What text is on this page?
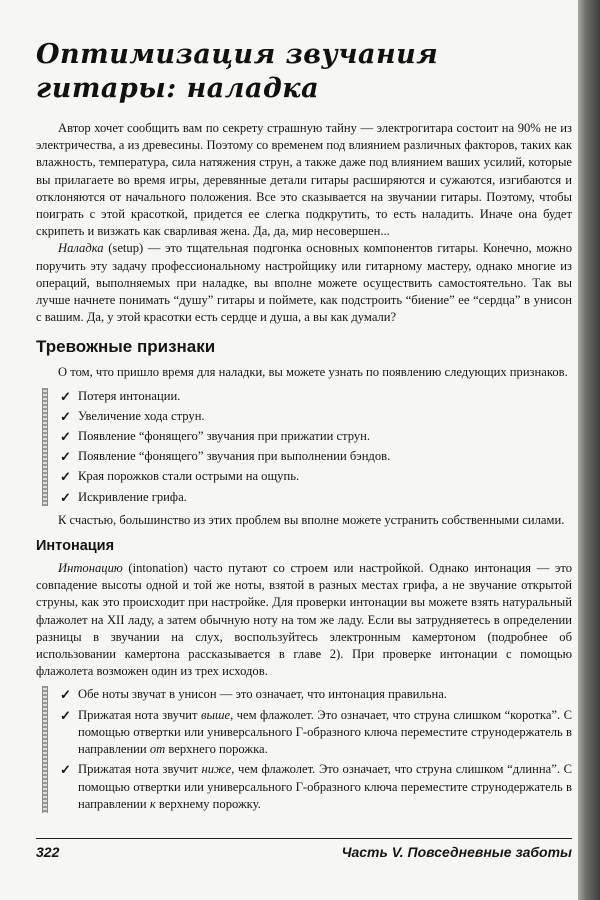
Оптимизация звучания гитары: наладка

Автор хочет сообщить вам по секрету страшную тайну — электрогитара состоит на 90% не из электричества, а из древесины. Поэтому со временем под влиянием различных факторов, таких как влажность, температура, сила натяжения струн, а также даже под влиянием ваших усилий, которые вы прилагаете во время игры, деревянные детали гитары расширяются и сужаются, изгибаются и отклоняются от начального положения. Все это сказывается на звучании гитары. Поэтому, чтобы поиграть с этой красоткой, придется ее слегка подкрутить, то есть наладить. Иначе она будет скрипеть и визжать как сварливая жена. Да, да, мир несовершен...

Наладка (setup) — это тщательная подгонка основных компонентов гитары. Конечно, можно поручить эту задачу профессиональному настройщику или гитарному мастеру, однако многие из операций, выполняемых при наладке, вы вполне можете осуществить самостоятельно. Так вы лучше начнете понимать “душу” гитары и поймете, как подстроить “биение” ее “сердца” в унисон с вашим. Да, у этой красотки есть сердце и душа, а вы как думали?

Тревожные признаки

О том, что пришло время для наладки, вы можете узнать по появлению следующих признаков.

✓ Потеря интонации.
✓ Увеличение хода струн.
✓ Появление “фонящего” звучания при прижатии струн.
✓ Появление “фонящего” звучания при выполнении бэндов.
✓ Края порожков стали острыми на ощупь.
✓ Искривление грифа.

К счастью, большинство из этих проблем вы вполне можете устранить собственными силами.

Интонация

Интонацию (intonation) часто путают со строем или настройкой. Однако интонация — это совпадение высоты одной и той же ноты, взятой в разных местах грифа, а не звучание открытой струны, как это происходит при настройке. Для проверки интонации вы можете взять натуральный флажолет на XII ладу, а затем обычную ноту на том же ладу. Если вы затрудняетесь в определении разницы в звучании на слух, воспользуйтесь электронным камертоном (подробнее об использовании камертона рассказывается в главе 2). При проверке интонации с помощью флажолета возможен один из трех исходов.

✓ Обе ноты звучат в унисон — это означает, что интонация правильна.
✓ Прижатая нота звучит выше, чем флажолет. Это означает, что струна слишком “коротка”. С помощью отвертки или универсального Г-образного ключа переместите струнодержатель в направлении от верхнего порожка.
✓ Прижатая нота звучит ниже, чем флажолет. Это означает, что струна слишком “длинна”. С помощью отвертки или универсального Г-образного ключа переместите струнодержатель в направлении к верхнему порожку.
322	Часть V. Повседневные заботы
